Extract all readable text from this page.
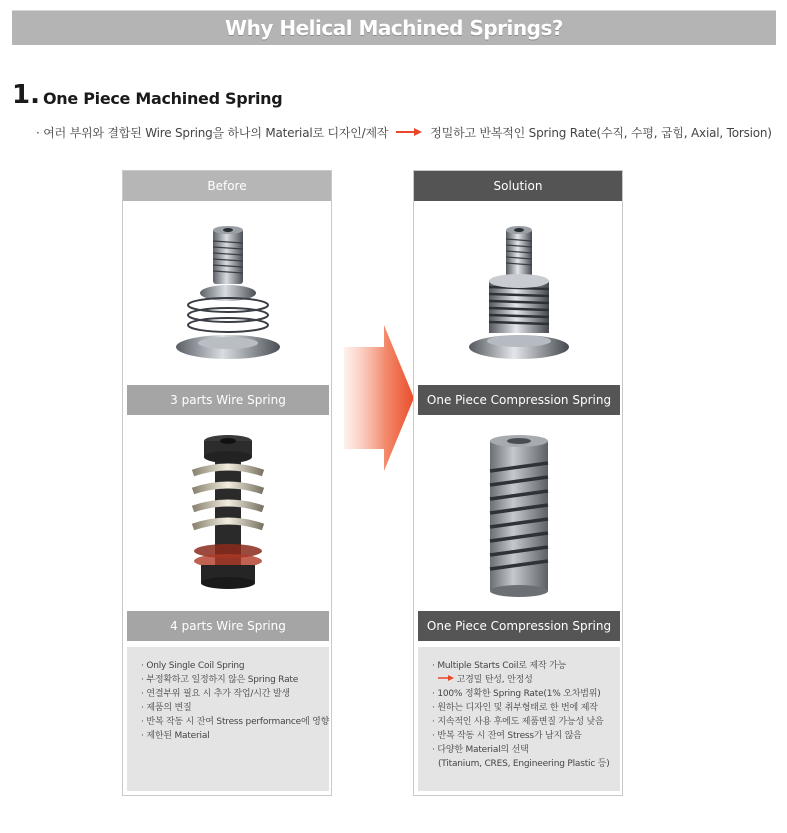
Why Helical Machined Springs?
1. One Piece Machined Spring
· 여러 부위와 결합된 Wire Spring을 하나의 Material로 디자인/제작	정밀하고 반복적인 Spring Rate(수직, 수평, 굽힘, Axial, Torsion)
Before
3 parts Wire Spring
4 parts Wire Spring
· Only Single Coil Spring
· 부정확하고 일정하지 않은 Spring Rate
· 연결부위 필요 시 추가 작업/시간 발생
· 제품의 변질
· 반복 작동 시 잔여 Stress performance에 영향
· 제한된 Material
Solution
One Piece Compression Spring
One Piece Compression Spring
· Multiple Starts Coil로 제작 가능
고경밀 탄성, 안정성
· 100% 정확한 Spring Rate(1% 오차범위)
· 원하는 디자인 및 취부형태로 한 번에 제작
· 지속적인 사용 후에도 제품변질 가능성 낮음
· 반복 작동 시 잔여 Stress가 남지 않음
· 다양한 Material의 선택
(Titanium, CRES, Engineering Plastic 등)
